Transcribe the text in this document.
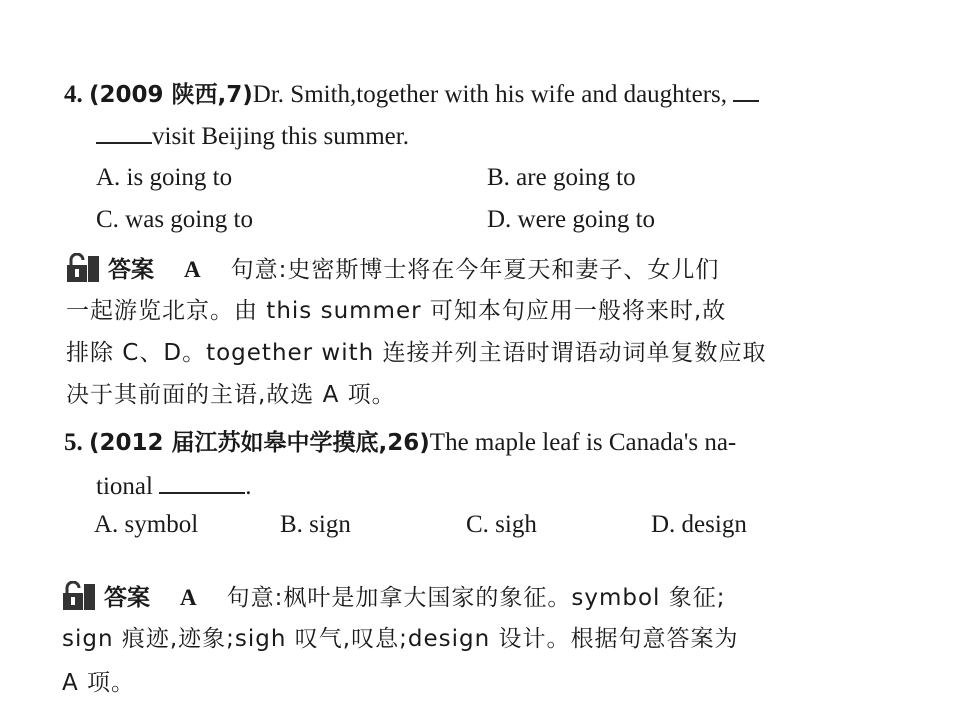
4. (2009 陕西,7)Dr. Smith,together with his wife and daughters,
visit Beijing this summer.
A. is going to	B. are going to
C. was going to	D. were going to
答案 A 句意:史密斯博士将在今年夏天和妻子、女儿们
一起游览北京。由 this summer 可知本句应用一般将来时,故
排除 C、D。together with 连接并列主语时谓语动词单复数应取
决于其前面的主语,故选 A 项。
5. (2012 届江苏如皋中学摸底,26)The maple leaf is Canada's na-
tional	.
A. symbol	B. sign	C. sigh	D. design
答案 A 句意:枫叶是加拿大国家的象征。symbol 象征;
sign 痕迹,迹象;sigh 叹气,叹息;design 设计。根据句意答案为
A 项。
